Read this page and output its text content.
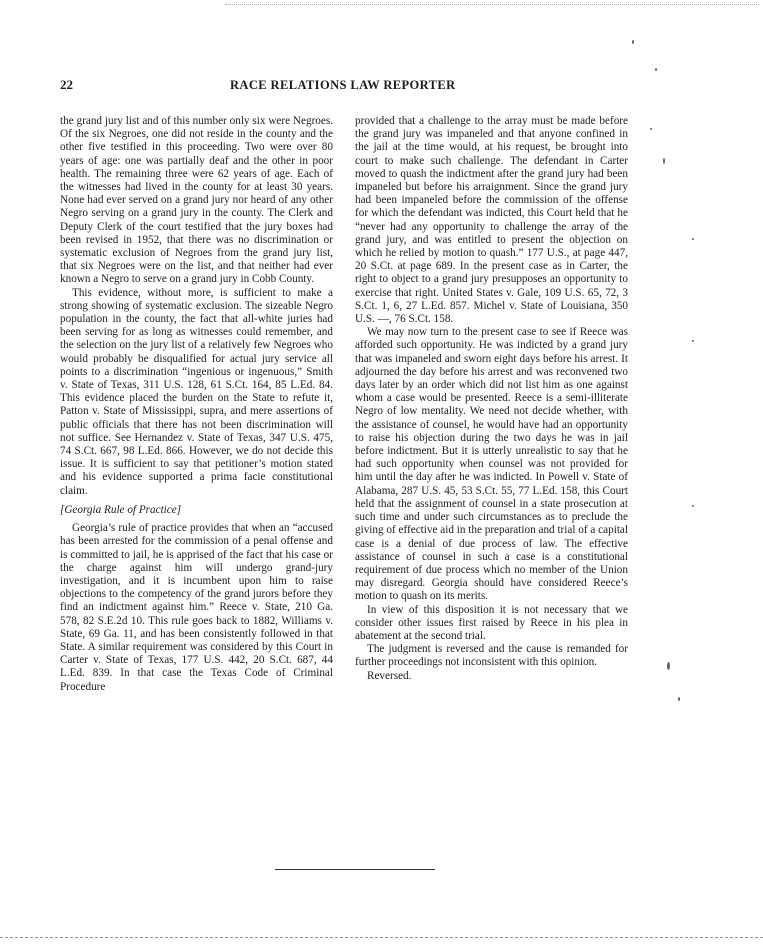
22	RACE RELATIONS LAW REPORTER

the grand jury list and of this number only six were Negroes. Of the six Negroes, one did not reside in the county and the other five testified in this proceeding. Two were over 80 years of age: one was partially deaf and the other in poor health. The remaining three were 62 years of age. Each of the witnesses had lived in the county for at least 30 years. None had ever served on a grand jury nor heard of any other Negro serving on a grand jury in the county. The Clerk and Deputy Clerk of the court testified that the jury boxes had been revised in 1952, that there was no discrimination or systematic exclusion of Negroes from the grand jury list, that six Negroes were on the list, and that neither had ever known a Negro to serve on a grand jury in Cobb County.

This evidence, without more, is sufficient to make a strong showing of systematic exclusion. The sizeable Negro population in the county, the fact that all-white juries had been serving for as long as witnesses could remember, and the selection on the jury list of a relatively few Negroes who would probably be disqualified for actual jury service all points to a discrimination “ingenious or ingenuous,” Smith v. State of Texas, 311 U.S. 128, 61 S.Ct. 164, 85 L.Ed. 84. This evidence placed the burden on the State to refute it, Patton v. State of Mississippi, supra, and mere assertions of public officials that there has not been discrimination will not suffice. See Hernandez v. State of Texas, 347 U.S. 475, 74 S.Ct. 667, 98 L.Ed. 866. However, we do not decide this issue. It is sufficient to say that petitioner’s motion stated and his evidence supported a prima facie constitutional claim.

[Georgia Rule of Practice]

Georgia’s rule of practice provides that when an “accused has been arrested for the commission of a penal offense and is committed to jail, he is apprised of the fact that his case or the charge against him will undergo grand-jury investigation, and it is incumbent upon him to raise objections to the competency of the grand jurors before they find an indictment against him.” Reece v. State, 210 Ga. 578, 82 S.E.2d 10. This rule goes back to 1882, Williams v. State, 69 Ga. 11, and has been consistently followed in that State. A similar requirement was considered by this Court in Carter v. State of Texas, 177 U.S. 442, 20 S.Ct. 687, 44 L.Ed. 839. In that case the Texas Code of Criminal Procedure

provided that a challenge to the array must be made before the grand jury was impaneled and that anyone confined in the jail at the time would, at his request, be brought into court to make such challenge. The defendant in Carter moved to quash the indictment after the grand jury had been impaneled but before his arraignment. Since the grand jury had been impaneled before the commission of the offense for which the defendant was indicted, this Court held that he “never had any opportunity to challenge the array of the grand jury, and was entitled to present the objection on which he relied by motion to quash.” 177 U.S., at page 447, 20 S.Ct. at page 689. In the present case as in Carter, the right to object to a grand jury presupposes an opportunity to exercise that right. United States v. Gale, 109 U.S. 65, 72, 3 S.Ct. 1, 6, 27 L.Ed. 857. Michel v. State of Louisiana, 350 U.S. —, 76 S.Ct. 158.

We may now turn to the present case to see if Reece was afforded such opportunity. He was indicted by a grand jury that was impaneled and sworn eight days before his arrest. It adjourned the day before his arrest and was reconvened two days later by an order which did not list him as one against whom a case would be presented. Reece is a semi-illiterate Negro of low mentality. We need not decide whether, with the assistance of counsel, he would have had an opportunity to raise his objection during the two days he was in jail before indictment. But it is utterly unrealistic to say that he had such opportunity when counsel was not provided for him until the day after he was indicted. In Powell v. State of Alabama, 287 U.S. 45, 53 S.Ct. 55, 77 L.Ed. 158, this Court held that the assignment of counsel in a state prosecution at such time and under such circumstances as to preclude the giving of effective aid in the preparation and trial of a capital case is a denial of due process of law. The effective assistance of counsel in such a case is a constitutional requirement of due process which no member of the Union may disregard. Georgia should have considered Reece’s motion to quash on its merits.

In view of this disposition it is not necessary that we consider other issues first raised by Reece in his plea in abatement at the second trial.

The judgment is reversed and the cause is remanded for further proceedings not inconsistent with this opinion.

Reversed.
